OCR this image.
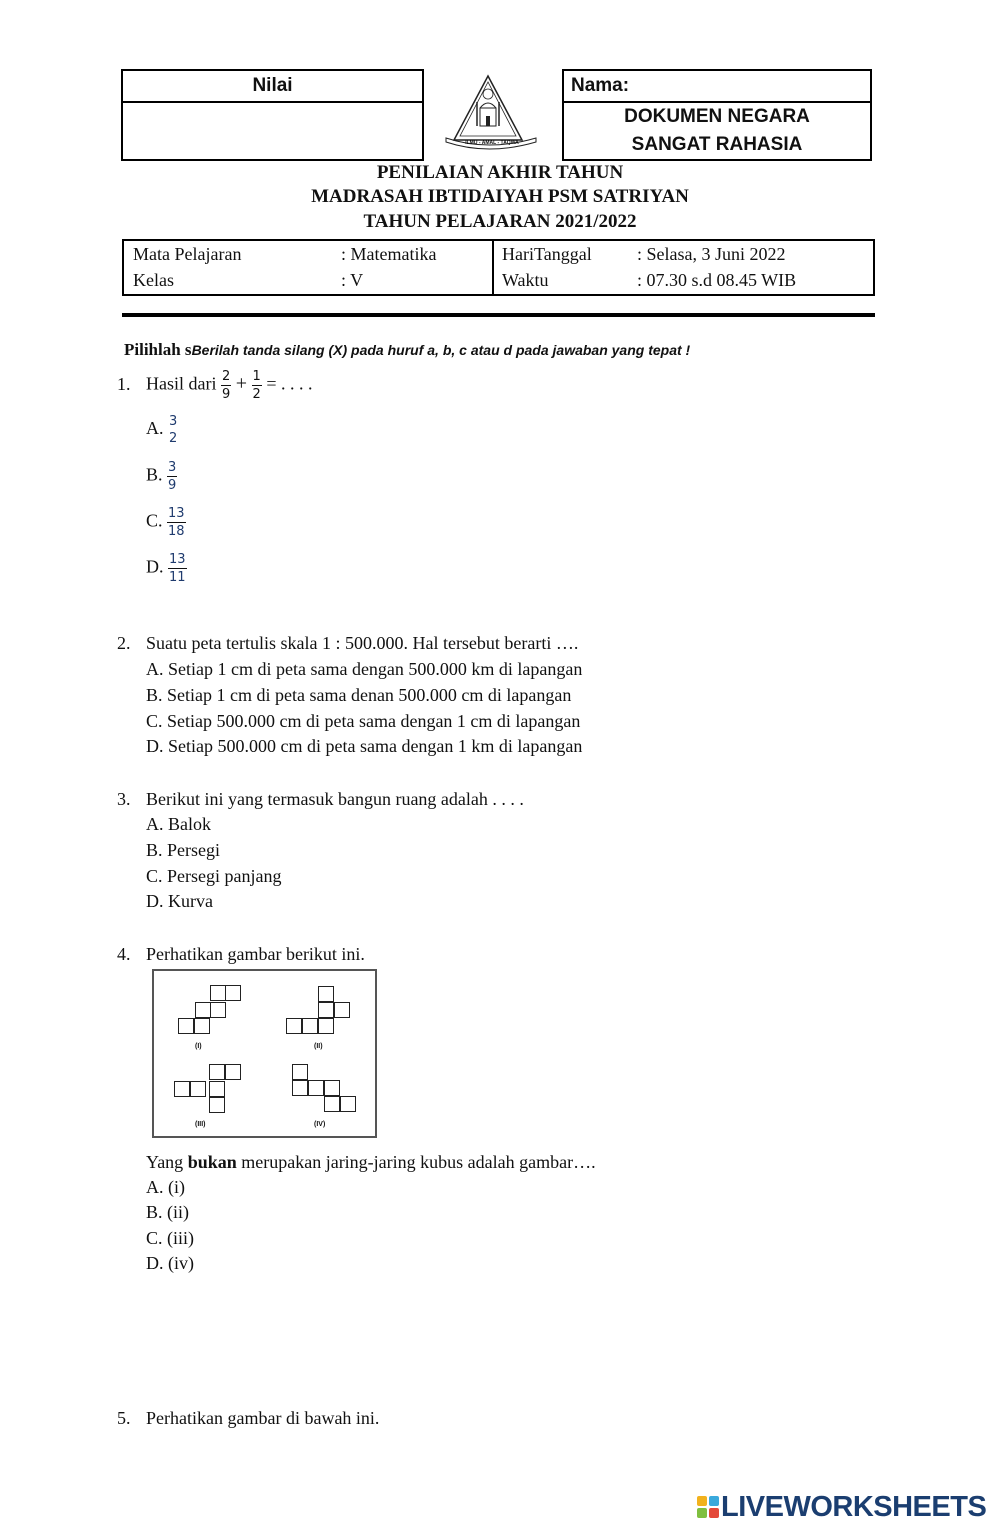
Nilai
ILMU - AMAL - TAQWA
Nama:
DOKUMEN NEGARA
SANGAT RAHASIA
PENILAIAN AKHIR TAHUN
MADRASAH IBTIDAIYAH PSM SATRIYAN
TAHUN PELAJARAN 2021/2022
Mata Pelajaran	: Matematika	HariTanggal	: Selasa, 3 Juni 2022
Kelas	: V	Waktu	: 07.30 s.d 08.45 WIB
Pilihlah sBerilah tanda silang (X) pada huruf a, b, c atau d pada jawaban yang tepat !
1. Hasil dari $\frac{2}{9} + \frac{1}{2}$ = . . . .
A. 3
2
B. $\frac{3}{9}$
C. $\frac{13}{18}$
D. $\frac{13}{11}$
2. Suatu peta tertulis skala 1 : 500.000. Hal tersebut berarti ….
A. Setiap 1 cm di peta sama dengan 500.000 km di lapangan
B. Setiap 1 cm di peta sama denan 500.000 cm di lapangan
C. Setiap 500.000 cm di peta sama dengan 1 cm di lapangan
D. Setiap 500.000 cm di peta sama dengan 1 km di lapangan
3. Berikut ini yang termasuk bangun ruang adalah . . . .
A. Balok
B. Persegi
C. Persegi panjang
D. Kurva
4. Perhatikan gambar berikut ini.
(I)	(II)
(III)	(IV)
Yang bukan merupakan jaring-jaring kubus adalah gambar….
A. (i)
B. (ii)
C. (iii)
D. (iv)
5. Perhatikan gambar di bawah ini.
LIVEWORKSHEETS
